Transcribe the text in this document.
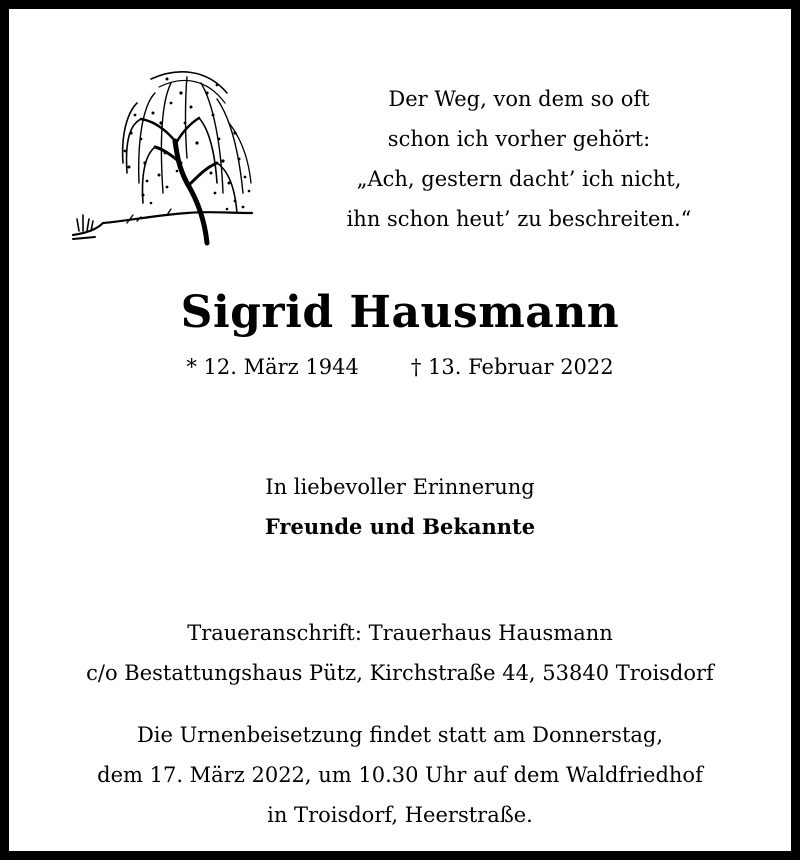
Der Weg, von dem so oft
schon ich vorher gehört:
„Ach, gestern dacht’ ich nicht,
ihn schon heut’ zu beschreiten.“
Sigrid Hausmann
* 12. März 1944 † 13. Februar 2022
In liebevoller Erinnerung
Freunde und Bekannte
Traueranschrift: Trauerhaus Hausmann
c/o Bestattungshaus Pütz, Kirchstraße 44, 53840 Troisdorf
Die Urnenbeisetzung findet statt am Donnerstag,
dem 17. März 2022, um 10.30 Uhr auf dem Waldfriedhof
in Troisdorf, Heerstraße.
